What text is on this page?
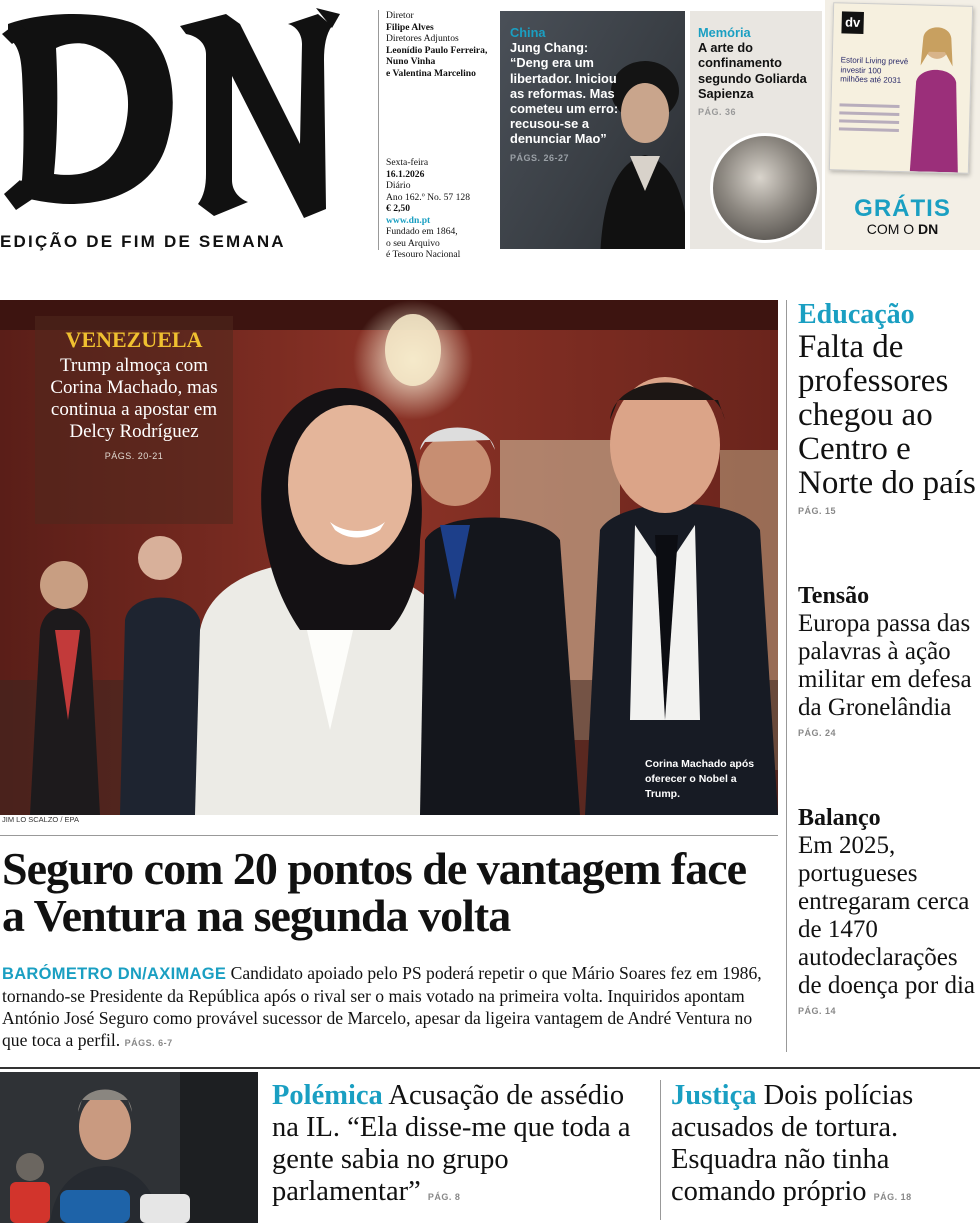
EDIÇÃO DE FIM DE SEMANA
Diretor
Filipe Alves
Diretores Adjuntos
Leonídio Paulo Ferreira,
Nuno Vinha
e Valentina Marcelino
Sexta-feira
16.1.2026
Diário
Ano 162.º No. 57 128
€ 2,50
www.dn.pt
Fundado em 1864,
o seu Arquivo
é Tesouro Nacional
China
Jung Chang: “Deng era um libertador. Iniciou as reformas. Mas cometeu um erro: recusou-se a denunciar Mao”
PÁGS. 26-27
Memória
A arte do confinamento segundo Goliarda Sapienza
PÁG. 36
dv
Estoril Living prevê investir 100 milhões até 2031
GRÁTIS
COM O DN
VENEZUELA
Trump almoça com Corina Machado, mas continua a apostar em Delcy Rodríguez
PÁGS. 20-21
Corina Machado após oferecer o Nobel a Trump.
JIM LO SCALZO / EPA
Seguro com 20 pontos de vantagem face a Ventura na segunda volta
BARÓMETRO DN/AXIMAGE Candidato apoiado pelo PS poderá repetir o que Mário Soares fez em 1986, tornando-se Presidente da República após o rival ser o mais votado na primeira volta. Inquiridos apontam António José Seguro como provável sucessor de Marcelo, apesar da ligeira vantagem de André Ventura no que toca a perfil. PÁGS. 6-7
Educação
Falta de professores chegou ao Centro e Norte do país
PÁG. 15
Tensão
Europa passa das palavras à ação militar em defesa da Gronelândia
PÁG. 24
Balanço
Em 2025, portugueses entregaram cerca de 1470 autodeclarações de doença por dia
PÁG. 14
Polémica Acusação de assédio na IL. “Ela disse-me que toda a gente sabia no grupo parlamentar” PÁG. 8
Justiça Dois polícias acusados de tortura. Esquadra não tinha comando próprio PÁG. 18
